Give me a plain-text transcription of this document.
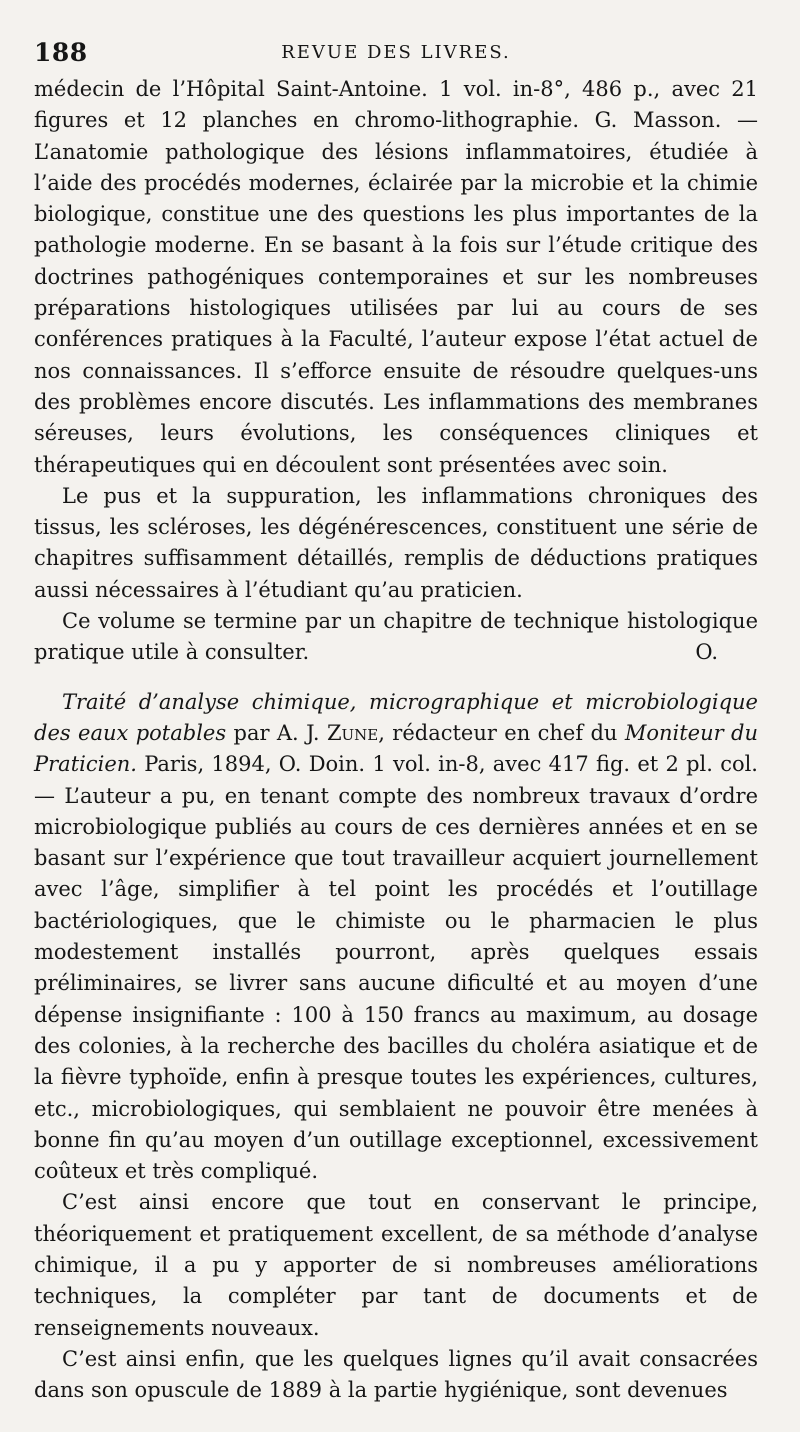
188	REVUE DES LIVRES.

médecin de l’Hôpital Saint-Antoine. 1 vol. in-8°, 486 p., avec 21 figures et 12 planches en chromo-lithographie. G. Masson. — L’anatomie pathologique des lésions inflammatoires, étudiée à l’aide des procédés modernes, éclairée par la microbie et la chimie biologique, constitue une des questions les plus importantes de la pathologie moderne. En se basant à la fois sur l’étude critique des doctrines pathogéniques contemporaines et sur les nombreuses préparations histologiques utilisées par lui au cours de ses conférences pratiques à la Faculté, l’auteur expose l’état actuel de nos connaissances. Il s’efforce ensuite de résoudre quelques-uns des problèmes encore discutés. Les inflammations des membranes séreuses, leurs évolutions, les conséquences cliniques et thérapeutiques qui en découlent sont présentées avec soin.

Le pus et la suppuration, les inflammations chroniques des tissus, les scléroses, les dégénérescences, constituent une série de chapitres suffisamment détaillés, remplis de déductions pratiques aussi nécessaires à l’étudiant qu’au praticien.

Ce volume se termine par un chapitre de technique histologique pratique utile à consulter.	O.

Traité d’analyse chimique, micrographique et microbiologique des eaux potables par A. J. Zune, rédacteur en chef du Moniteur du Praticien. Paris, 1894, O. Doin. 1 vol. in-8, avec 417 fig. et 2 pl. col. — L’auteur a pu, en tenant compte des nombreux travaux d’ordre microbiologique publiés au cours de ces dernières années et en se basant sur l’expérience que tout travailleur acquiert journellement avec l’âge, simplifier à tel point les procédés et l’outillage bactériologiques, que le chimiste ou le pharmacien le plus modestement installés pourront, après quelques essais préliminaires, se livrer sans aucune dificulté et au moyen d’une dépense insignifiante : 100 à 150 francs au maximum, au dosage des colonies, à la recherche des bacilles du choléra asiatique et de la fièvre typhoïde, enfin à presque toutes les expériences, cultures, etc., microbiologiques, qui semblaient ne pouvoir être menées à bonne fin qu’au moyen d’un outillage exceptionnel, excessivement coûteux et très compliqué.

C’est ainsi encore que tout en conservant le principe, théoriquement et pratiquement excellent, de sa méthode d’analyse chimique, il a pu y apporter de si nombreuses améliorations techniques, la compléter par tant de documents et de renseignements nouveaux.

C’est ainsi enfin, que les quelques lignes qu’il avait consacrées dans son opuscule de 1889 à la partie hygiénique, sont devenues
